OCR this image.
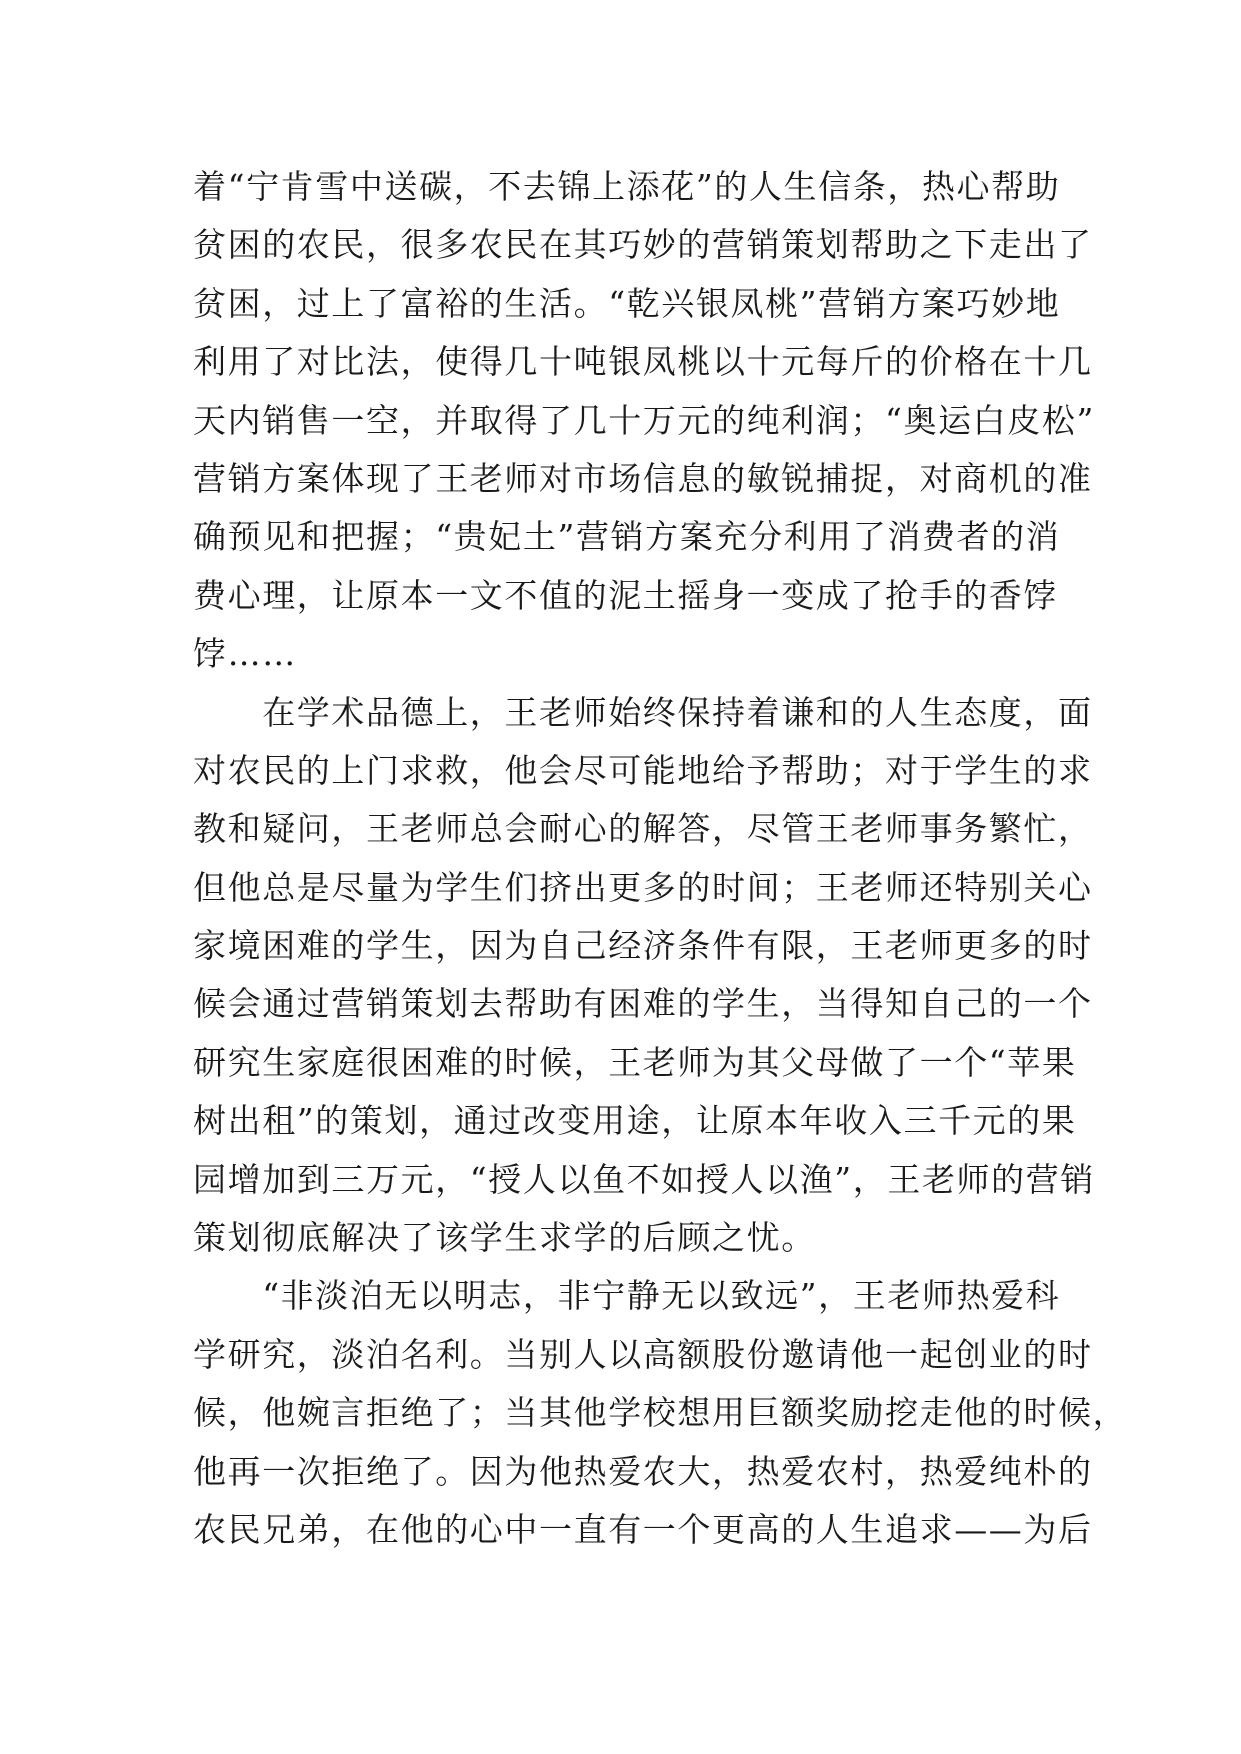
着“宁肯雪中送碳，不去锦上添花”的人生信条，热心帮助
贫困的农民，很多农民在其巧妙的营销策划帮助之下走出了
贫困，过上了富裕的生活。“乾兴银凤桃”营销方案巧妙地
利用了对比法，使得几十吨银凤桃以十元每斤的价格在十几
天内销售一空，并取得了几十万元的纯利润；“奥运白皮松”
营销方案体现了王老师对市场信息的敏锐捕捉，对商机的准
确预见和把握；“贵妃土”营销方案充分利用了消费者的消
费心理，让原本一文不值的泥土摇身一变成了抢手的香饽
饽……
　　在学术品德上，王老师始终保持着谦和的人生态度，面
对农民的上门求救，他会尽可能地给予帮助；对于学生的求
教和疑问，王老师总会耐心的解答，尽管王老师事务繁忙，
但他总是尽量为学生们挤出更多的时间；王老师还特别关心
家境困难的学生，因为自己经济条件有限，王老师更多的时
候会通过营销策划去帮助有困难的学生，当得知自己的一个
研究生家庭很困难的时候，王老师为其父母做了一个“苹果
树出租”的策划，通过改变用途，让原本年收入三千元的果
园增加到三万元，“授人以鱼不如授人以渔”，王老师的营销
策划彻底解决了该学生求学的后顾之忧。
　　“非淡泊无以明志，非宁静无以致远”，王老师热爱科
学研究，淡泊名利。当别人以高额股份邀请他一起创业的时
候，他婉言拒绝了；当其他学校想用巨额奖励挖走他的时候，
他再一次拒绝了。因为他热爱农大，热爱农村，热爱纯朴的
农民兄弟，在他的心中一直有一个更高的人生追求——为后
